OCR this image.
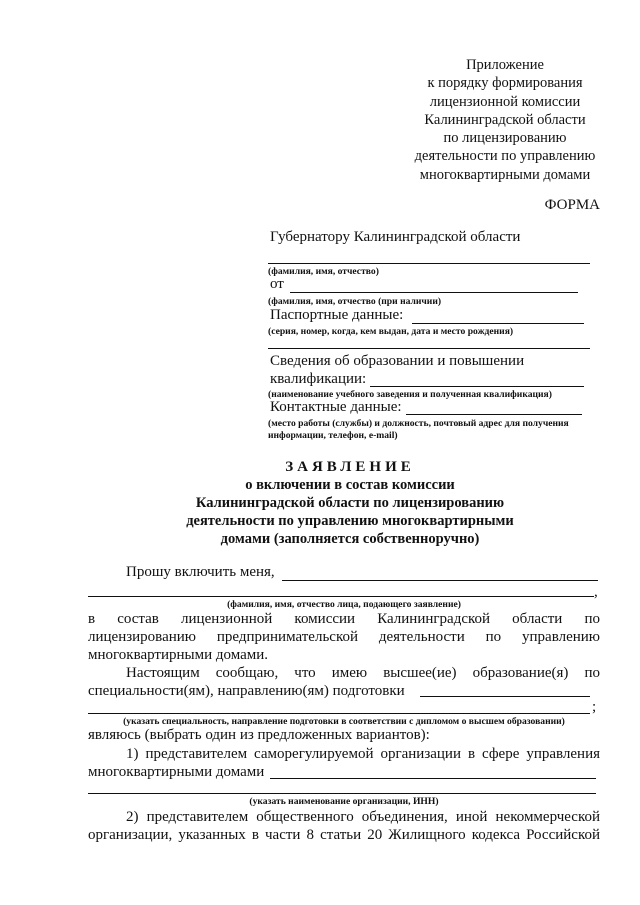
Приложение
к порядку формирования
лицензионной комиссии
Калининградской области
по лицензированию
деятельности по управлению
многоквартирными домами
ФОРМА
Губернатору Калининградской области
(фамилия, имя, отчество)
от
(фамилия, имя, отчество (при наличии)
Паспортные данные:
(серия, номер, когда, кем выдан, дата и место рождения)
Сведения об образовании и повышении
квалификации:
(наименование учебного заведения и полученная квалификация)
Контактные данные:
(место работы (службы) и должность, почтовый адрес для получения
информации, телефон, e-mail)
ЗАЯВЛЕНИЕ
о включении в состав комиссии
Калининградской области по лицензированию
деятельности по управлению многоквартирными
домами (заполняется собственноручно)
Прошу включить меня,
,
(фамилия, имя, отчество лица, подающего заявление)
в состав лицензионной комиссии Калининградской области по
лицензированию предпринимательской деятельности по управлению
многоквартирными домами.
Настоящим сообщаю, что имею высшее(ие) образование(я) по
специальности(ям), направлению(ям) подготовки
;
(указать специальность, направление подготовки в соответствии с дипломом о высшем образовании)
являюсь (выбрать один из предложенных вариантов):
1) представителем саморегулируемой организации в сфере управления
многоквартирными домами
(указать наименование организации, ИНН)
2) представителем общественного объединения, иной некоммерческой
организации, указанных в части 8 статьи 20 Жилищного кодекса Российской
